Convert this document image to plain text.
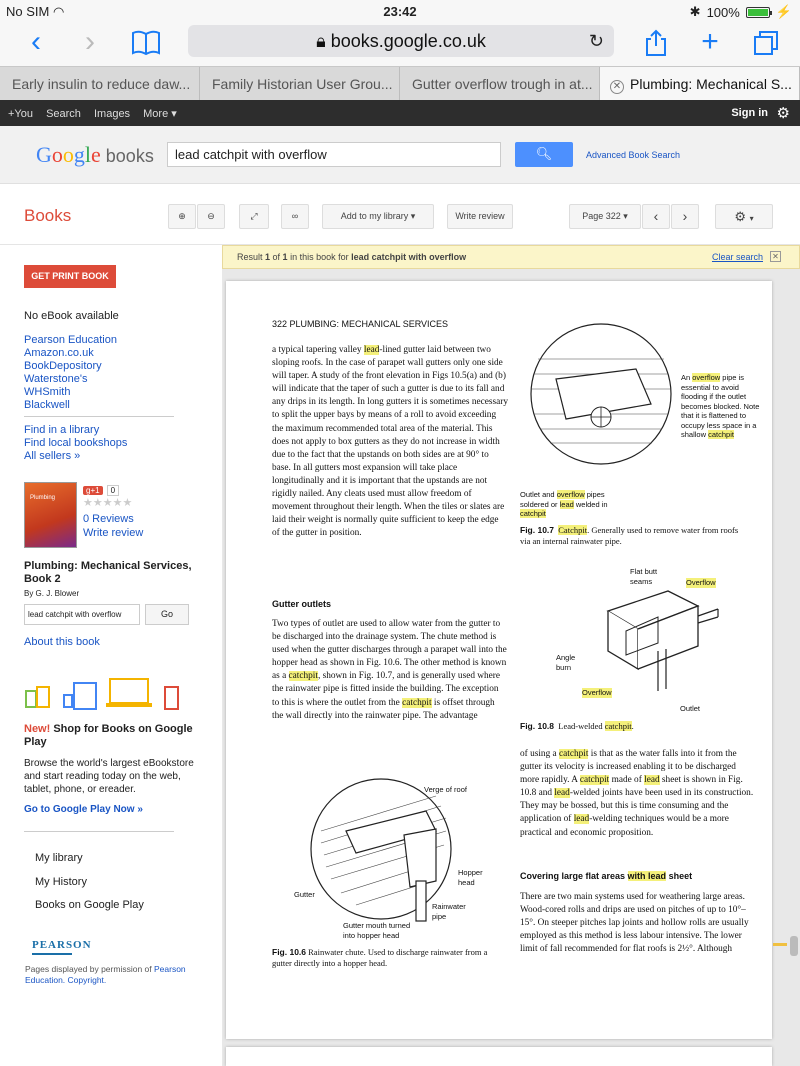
No SIM ◠	23:42	✱ 100%	⚡
‹	›	🔒︎ books.google.co.uk	↻	+
Early insulin to reduce daw...	Family Historian User Grou...	Gutter overflow trough in at...	✕ Plumbing: Mechanical S...
+You Search Images More ▾	Sign in ⚙
Google books	lead catchpit with overflow	🔍︎	Advanced Book Search
Books	⊕	⊖	⤢	∞	Add to my library ▾	Write review	Page 322 ▾	‹	›	⚙ ▾
GET PRINT BOOK
No eBook available
Pearson Education
Amazon.co.uk
BookDepository
Waterstone's
WHSmith
Blackwell
Find in a library
Find local bookshops
All sellers »
Plumbing
g+1	0
★★★★★
0 Reviews
Write review
Plumbing: Mechanical Services, Book 2
By G. J. Blower
lead catchpit with overflow	Go
About this book
New! Shop for Books on Google Play
Browse the world's largest eBookstore and start reading today on the web, tablet, phone, or ereader.
Go to Google Play Now »
My library
My History
Books on Google Play
PEARSON
Pages displayed by permission of Pearson Education. Copyright.
Result 1 of 1 in this book for lead catchpit with overflow	Clear search ✕
322 PLUMBING: MECHANICAL SERVICES
a typical tapering valley lead-lined gutter laid between two sloping roofs. In the case of parapet wall gutters only one side will taper. A study of the front elevation in Figs 10.5(a) and (b) will indicate that the taper of such a gutter is due to its fall and any drips in its length. In long gutters it is sometimes necessary to split the upper bays by means of a roll to avoid exceeding the maximum recommended total area of the material. This does not apply to box gutters as they do not increase in width due to the fact that the upstands on both sides are at 90° to base. In all gutters most expansion will take place longitudinally and it is important that the upstands are not rigidly nailed. Any cleats used must allow freedom of movement throughout their length. When the tiles or slates are laid their weight is normally quite sufficient to keep the edge of the gutter in position.
Gutter outlets
Two types of outlet are used to allow water from the gutter to be discharged into the drainage system. The chute method is used when the gutter discharges through a parapet wall into the hopper head as shown in Fig. 10.6. The other method is known as a catchpit, shown in Fig. 10.7, and is generally used where the rainwater pipe is fitted inside the building. The exception to this is where the outlet from the catchpit is offset through the wall directly into the rainwater pipe. The advantage
Verge of roof
Hopper head
Rainwater pipe
Gutter
Gutter mouth turned into hopper head
Fig. 10.6 Rainwater chute. Used to discharge rainwater from a gutter directly into a hopper head.
An overflow pipe is essential to avoid flooding if the outlet becomes blocked. Note that it is flattened to occupy less space in a shallow catchpit
Outlet and overflow pipes soldered or lead welded in catchpit
Fig. 10.7 Catchpit. Generally used to remove water from roofs via an internal rainwater pipe.
Flat butt seams	Overflow
Angle burn
Overflow
Outlet
Fig. 10.8 Lead-welded catchpit.
of using a catchpit is that as the water falls into it from the gutter its velocity is increased enabling it to be discharged more rapidly. A catchpit made of lead sheet is shown in Fig. 10.8 and lead-welded joints have been used in its construction. They may be bossed, but this is time consuming and the application of lead-welding techniques would be a more practical and economic proposition.
Covering large flat areas with lead sheet
There are two main systems used for weathering large areas. Wood-cored rolls and drips are used on pitches of up to 10°–15°. On steeper pitches lap joints and hollow rolls are usually employed as this method is less labour intensive. The lower limit of fall recommended for flat roofs is 2½°. Although
